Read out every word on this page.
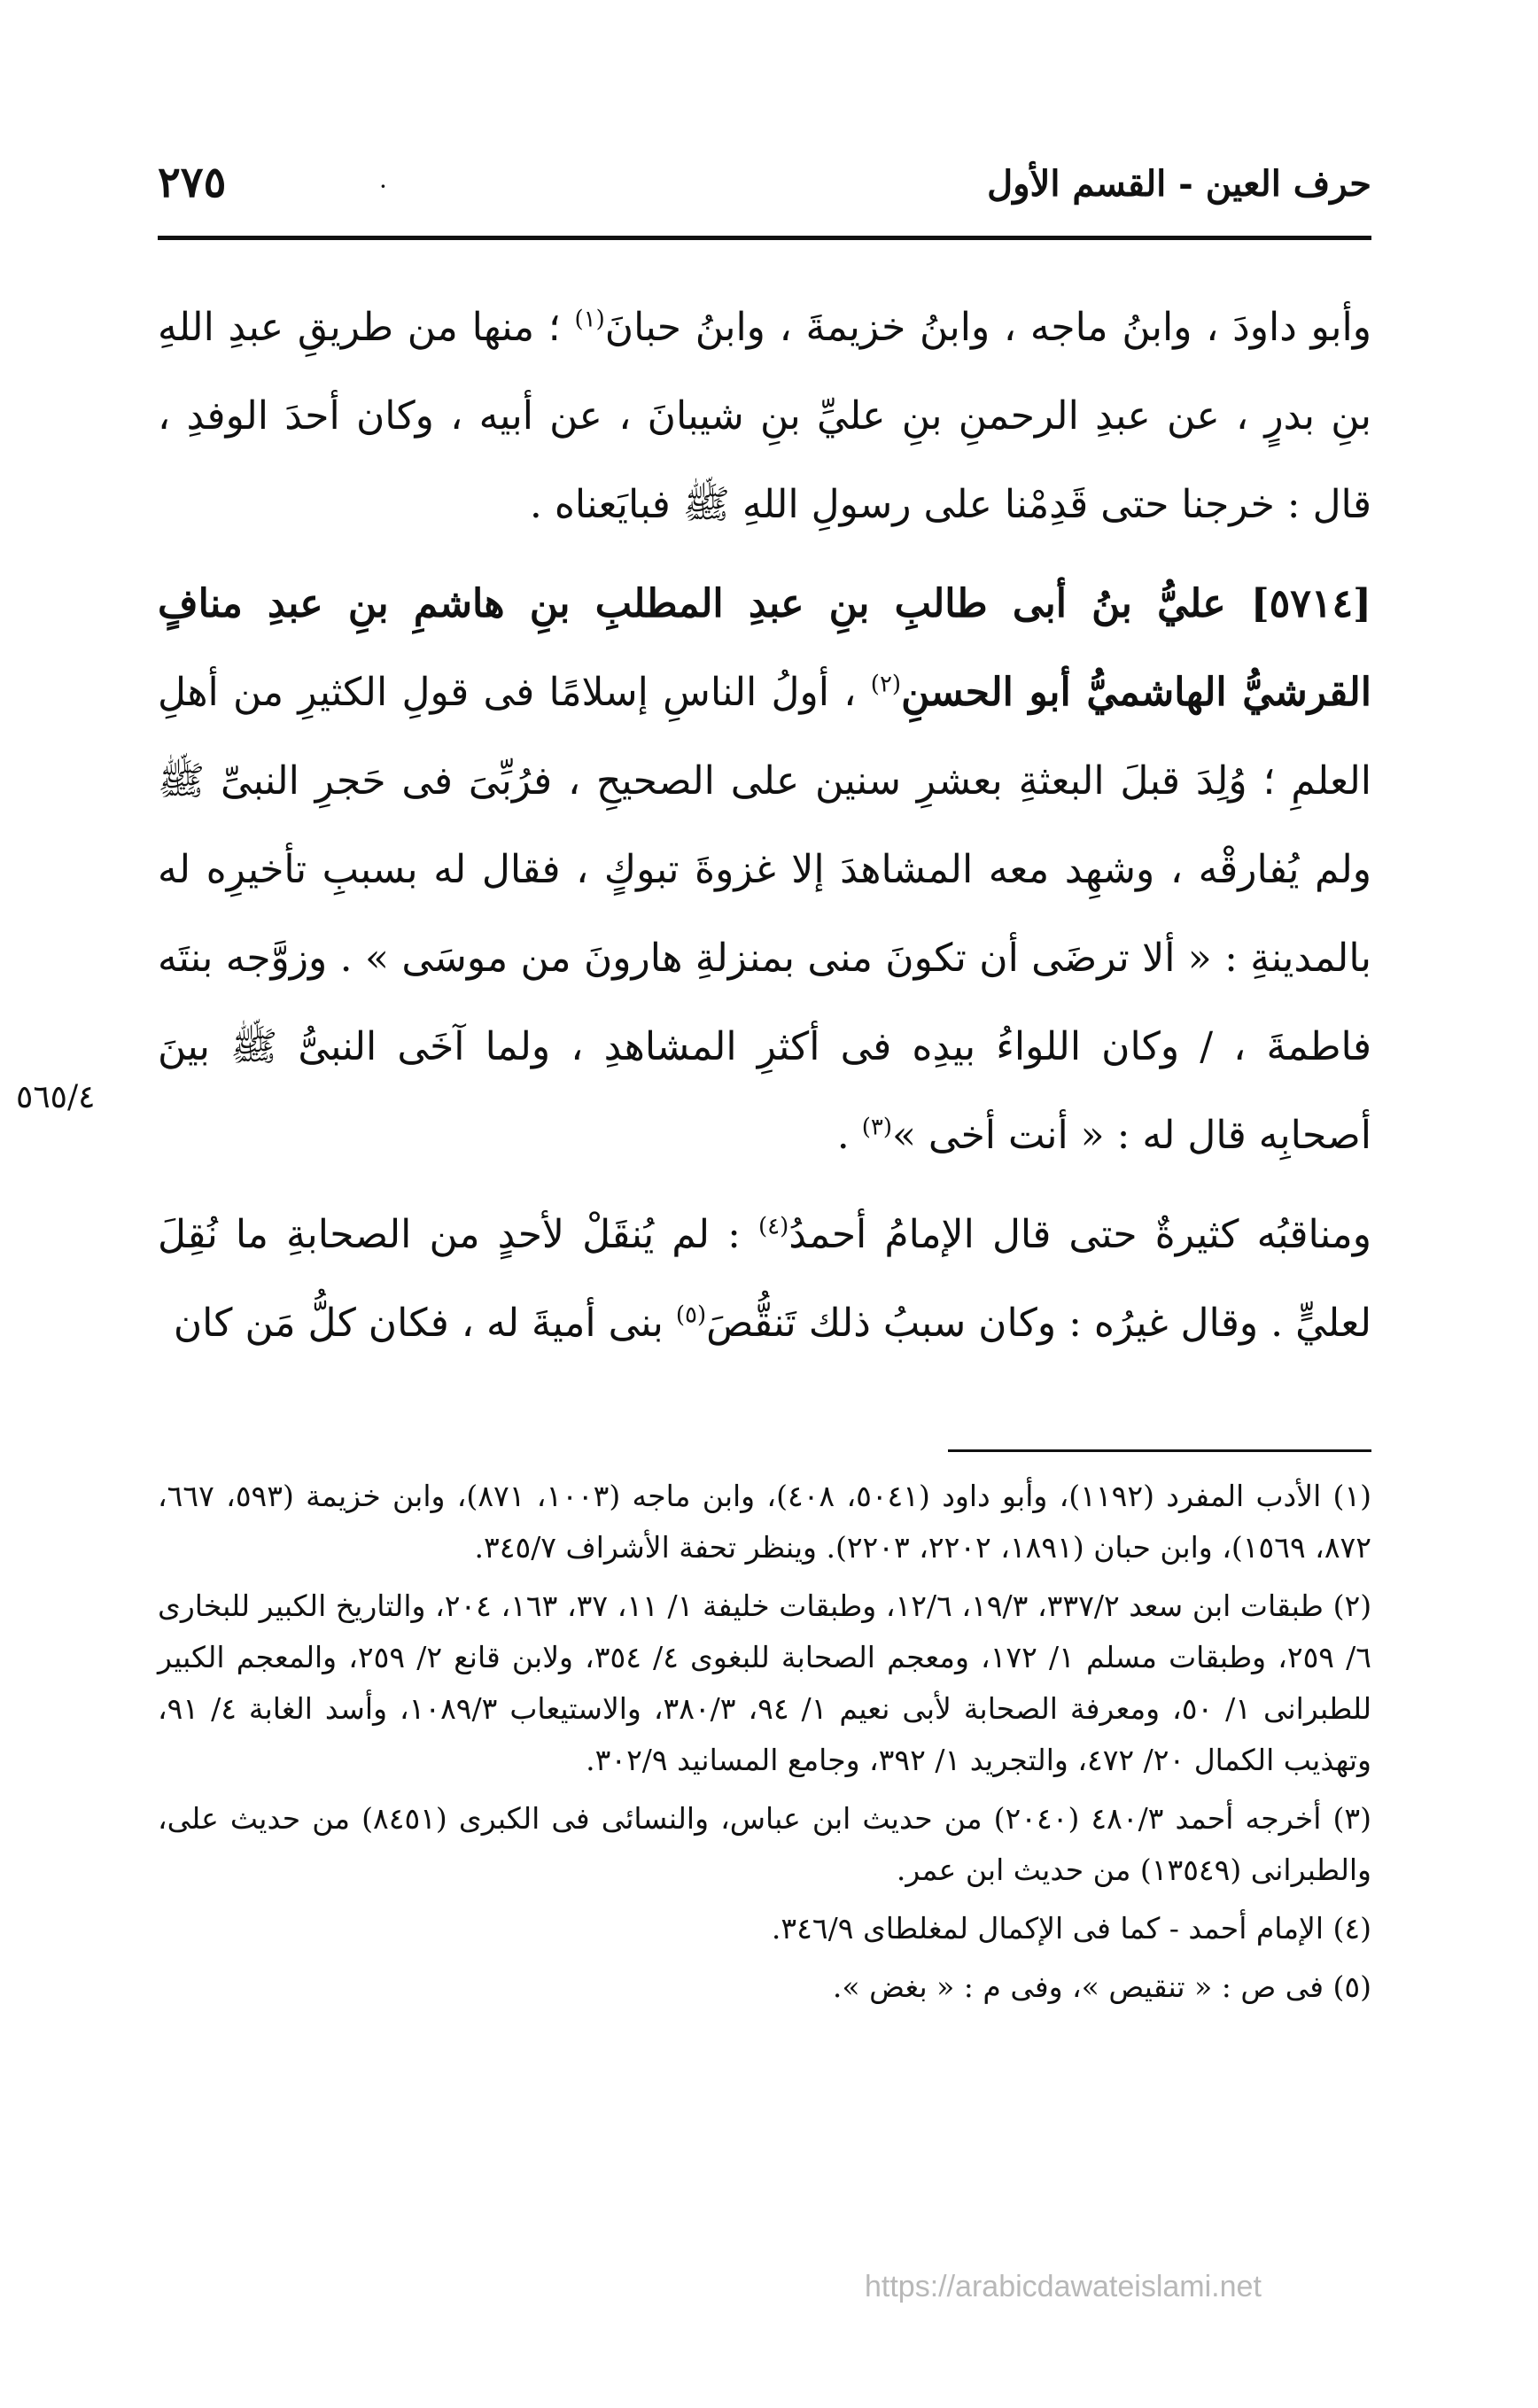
٢٧٥	·	حرف العين - القسم الأول

وأبو داودَ ، وابنُ ماجه ، وابنُ خزيمةَ ، وابنُ حبانَ$^{(١)}$ ؛ منها من طريقِ عبدِ اللهِ بنِ بدرٍ ، عن عبدِ الرحمنِ بنِ عليِّ بنِ شيبانَ ، عن أبيه ، وكان أحدَ الوفدِ ، قال : خرجنا حتى قَدِمْنا على رسولِ اللهِ ﷺ فبايَعناه .

[٥٧١٤] عليُّ بنُ أبى طالبِ بنِ عبدِ المطلبِ بنِ هاشمِ بنِ عبدِ منافٍ القرشيُّ الهاشميُّ أبو الحسنِ$^{(٢)}$ ، أولُ الناسِ إسلامًا فى قولِ الكثيرِ من أهلِ العلمِ ؛ وُلِدَ قبلَ البعثةِ بعشرِ سنين على الصحيحِ ، فرُبِّىَ فى حَجرِ النبىِّ ﷺ ولم يُفارقْه ، وشهِد معه المشاهدَ إلا غزوةَ تبوكٍ ، فقال له بسببِ تأخيرِه له بالمدينةِ : « ألا ترضَى أن تكونَ منى بمنزلةِ هارونَ من موسَى » . وزوَّجه بنتَه فاطمةَ ، / وكان اللواءُ بيدِه فى أكثرِ المشاهدِ ، ولما آخَى النبىُّ ﷺ بينَ أصحابِه قال له : « أنت أخى »$^{(٣)}$ .

ومناقبُه كثيرةٌ حتى قال الإمامُ أحمدُ$^{(٤)}$ : لم يُنقَلْ لأحدٍ من الصحابةِ ما نُقِلَ لعليٍّ . وقال غيرُه : وكان سببُ ذلك تَنقُّصَ$^{(٥)}$ بنى أميةَ له ، فكان كلُّ مَن كان

٥٦٥/٤

(١) الأدب المفرد (١١٩٢)، وأبو داود (٥٠٤١، ٤٠٨)، وابن ماجه (١٠٠٣، ٨٧١)، وابن خزيمة (٥٩٣، ٦٦٧، ٨٧٢، ١٥٦٩)، وابن حبان (١٨٩١، ٢٢٠٢، ٢٢٠٣). وينظر تحفة الأشراف ٣٤٥/٧.

(٢) طبقات ابن سعد ٣٣٧/٢، ١٩/٣، ١٢/٦، وطبقات خليفة ١/ ١١، ٣٧، ١٦٣، ٢٠٤، والتاريخ الكبير للبخارى ٦/ ٢٥٩، وطبقات مسلم ١/ ١٧٢، ومعجم الصحابة للبغوى ٤/ ٣٥٤، ولابن قانع ٢/ ٢٥٩، والمعجم الكبير للطبرانى ١/ ٥٠، ومعرفة الصحابة لأبى نعيم ١/ ٩٤، ٣٨٠/٣، والاستيعاب ١٠٨٩/٣، وأسد الغابة ٤/ ٩١، وتهذيب الكمال ٢٠/ ٤٧٢، والتجريد ١/ ٣٩٢، وجامع المسانيد ٣٠٢/٩.

(٣) أخرجه أحمد ٤٨٠/٣ (٢٠٤٠) من حديث ابن عباس، والنسائى فى الكبرى (٨٤٥١) من حديث على، والطبرانى (١٣٥٤٩) من حديث ابن عمر.

(٤) الإمام أحمد - كما فى الإكمال لمغلطاى ٣٤٦/٩.

(٥) فى ص : « تنقيص »، وفى م : « بغض ».

https://arabicdawateislami.net
